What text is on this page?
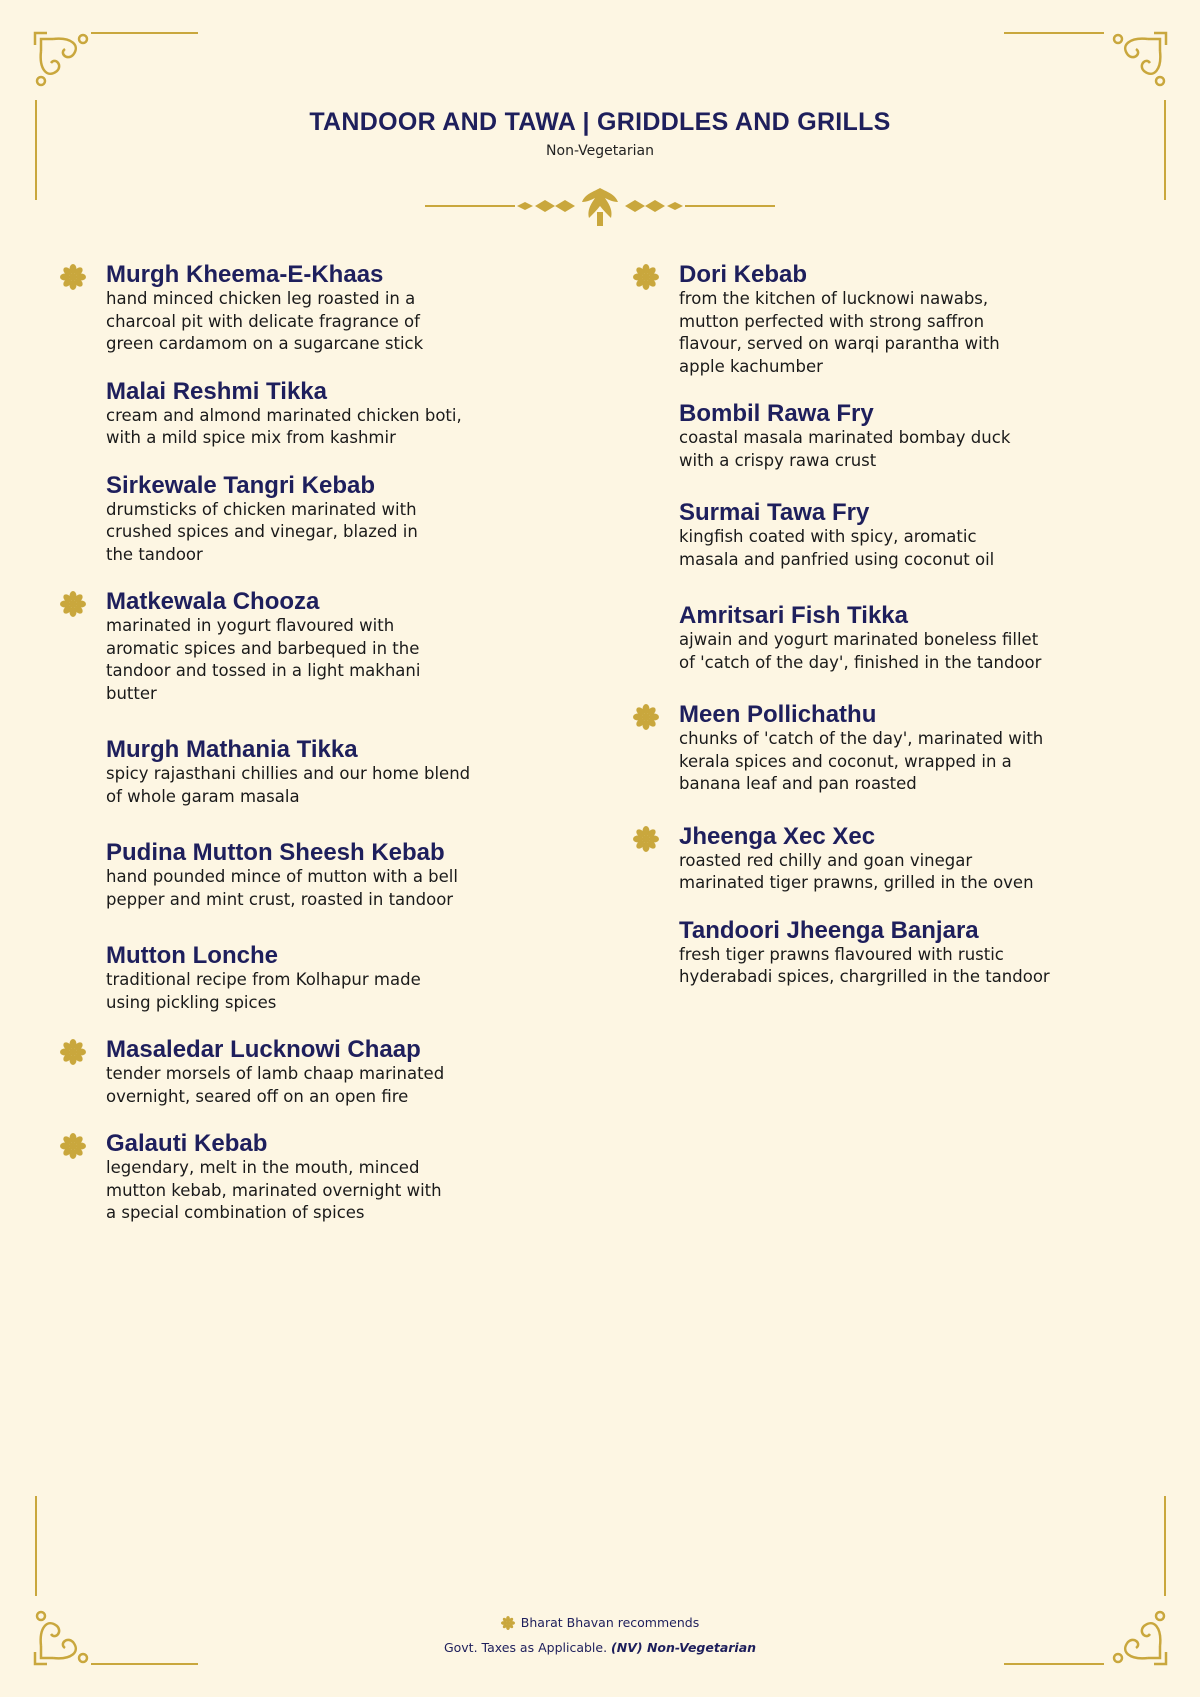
TANDOOR AND TAWA | GRIDDLES AND GRILLS
Non-Vegetarian
Murgh Kheema-E-Khaas
hand minced chicken leg roasted in a
charcoal pit with delicate fragrance of
green cardamom on a sugarcane stick
Malai Reshmi Tikka
cream and almond marinated chicken boti,
with a mild spice mix from kashmir
Sirkewale Tangri Kebab
drumsticks of chicken marinated with
crushed spices and vinegar, blazed in
the tandoor
Matkewala Chooza
marinated in yogurt flavoured with
aromatic spices and barbequed in the
tandoor and tossed in a light makhani
butter
Murgh Mathania Tikka
spicy rajasthani chillies and our home blend
of whole garam masala
Pudina Mutton Sheesh Kebab
hand pounded mince of mutton with a bell
pepper and mint crust, roasted in tandoor
Mutton Lonche
traditional recipe from Kolhapur made
using pickling spices
Masaledar Lucknowi Chaap
tender morsels of lamb chaap marinated
overnight, seared off on an open fire
Galauti Kebab
legendary, melt in the mouth, minced
mutton kebab, marinated overnight with
a special combination of spices
Dori Kebab
from the kitchen of lucknowi nawabs,
mutton perfected with strong saffron
flavour, served on warqi parantha with
apple kachumber
Bombil Rawa Fry
coastal masala marinated bombay duck
with a crispy rawa crust
Surmai Tawa Fry
kingfish coated with spicy, aromatic
masala and panfried using coconut oil
Amritsari Fish Tikka
ajwain and yogurt marinated boneless fillet
of 'catch of the day', finished in the tandoor
Meen Pollichathu
chunks of 'catch of the day', marinated with
kerala spices and coconut, wrapped in a
banana leaf and pan roasted
Jheenga Xec Xec
roasted red chilly and goan vinegar
marinated tiger prawns, grilled in the oven
Tandoori Jheenga Banjara
fresh tiger prawns flavoured with rustic
hyderabadi spices, chargrilled in the tandoor
Bharat Bhavan recommends
Govt. Taxes as Applicable. (NV) Non-Vegetarian
